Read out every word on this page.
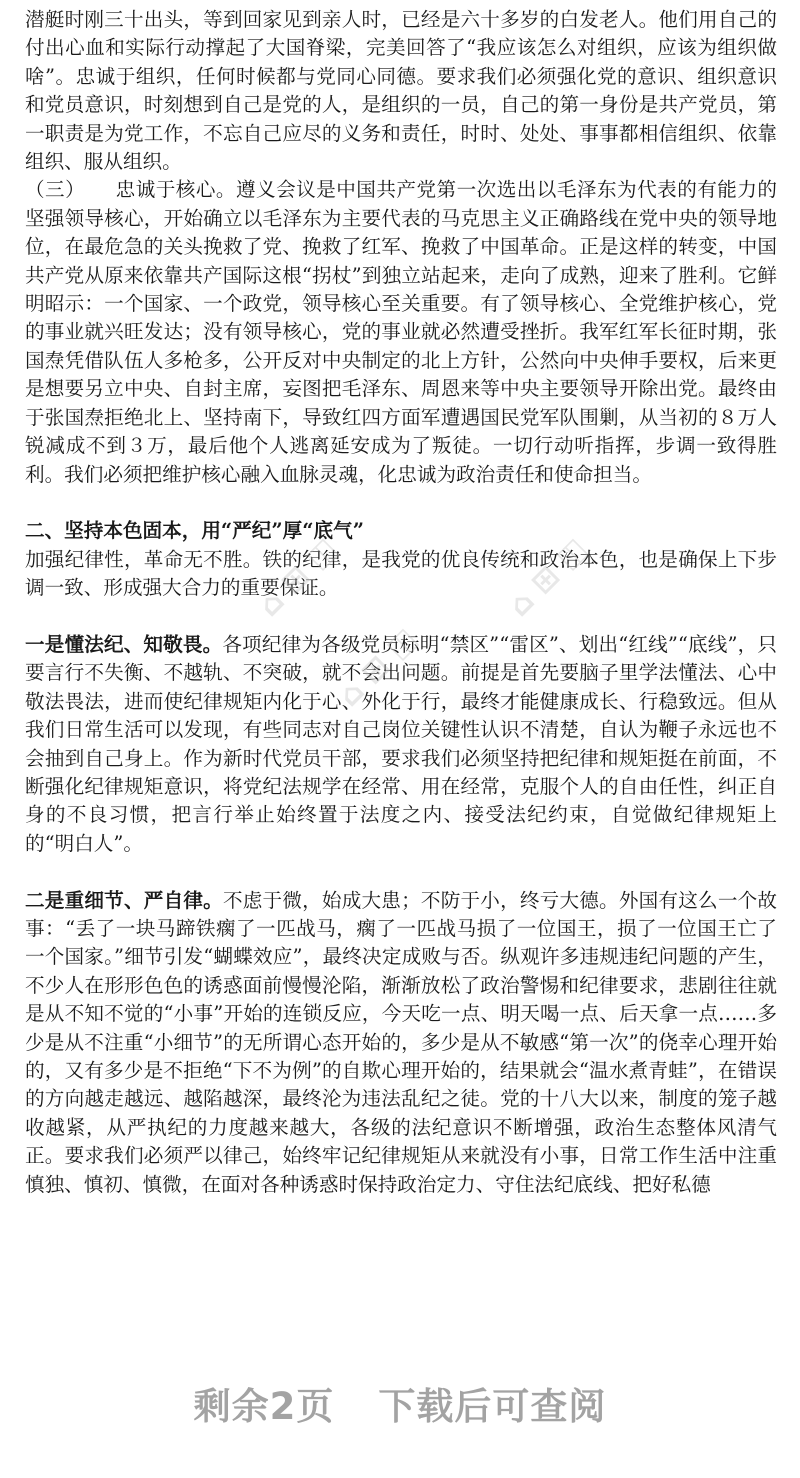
潜艇时刚三十出头，等到回家见到亲人时，已经是六十多岁的白发老人。他们用自己的付出心血和实际行动撑起了大国脊梁，完美回答了“我应该怎么对组织，应该为组织做啥”。忠诚于组织，任何时候都与党同心同德。要求我们必须强化党的意识、组织意识和党员意识，时刻想到自己是党的人，是组织的一员，自己的第一身份是共产党员，第一职责是为党工作，不忘自己应尽的义务和责任，时时、处处、事事都相信组织、依靠组织、服从组织。

（三） 忠诚于核心。遵义会议是中国共产党第一次选出以毛泽东为代表的有能力的坚强领导核心，开始确立以毛泽东为主要代表的马克思主义正确路线在党中央的领导地位，在最危急的关头挽救了党、挽救了红军、挽救了中国革命。正是这样的转变，中国共产党从原来依靠共产国际这根“拐杖”到独立站起来，走向了成熟，迎来了胜利。它鲜明昭示：一个国家、一个政党，领导核心至关重要。有了领导核心、全党维护核心，党的事业就兴旺发达；没有领导核心，党的事业就必然遭受挫折。我军红军长征时期，张国焘凭借队伍人多枪多，公开反对中央制定的北上方针，公然向中央伸手要权，后来更是想要另立中央、自封主席，妄图把毛泽东、周恩来等中央主要领导开除出党。最终由于张国焘拒绝北上、坚持南下，导致红四方面军遭遇国民党军队围剿，从当初的８万人锐减成不到３万，最后他个人逃离延安成为了叛徒。一切行动听指挥，步调一致得胜利。我们必须把维护核心融入血脉灵魂，化忠诚为政治责任和使命担当。

二、坚持本色固本，用“严纪”厚“底气”

加强纪律性，革命无不胜。铁的纪律，是我党的优良传统和政治本色，也是确保上下步调一致、形成强大合力的重要保证。

一是懂法纪、知敬畏。各项纪律为各级党员标明“禁区”“雷区”、划出“红线”“底线”，只要言行不失衡、不越轨、不突破，就不会出问题。前提是首先要脑子里学法懂法、心中敬法畏法，进而使纪律规矩内化于心、外化于行，最终才能健康成长、行稳致远。但从我们日常生活可以发现，有些同志对自己岗位关键性认识不清楚，自认为鞭子永远也不会抽到自己身上。作为新时代党员干部，要求我们必须坚持把纪律和规矩挺在前面，不断强化纪律规矩意识，将党纪法规学在经常、用在经常，克服个人的自由任性，纠正自身的不良习惯，把言行举止始终置于法度之内、接受法纪约束，自觉做纪律规矩上的“明白人”。

二是重细节、严自律。不虑于微，始成大患；不防于小，终亏大德。外国有这么一个故事：“丢了一块马蹄铁瘸了一匹战马，瘸了一匹战马损了一位国王，损了一位国王亡了一个国家。”细节引发“蝴蝶效应”，最终决定成败与否。纵观许多违规违纪问题的产生，不少人在形形色色的诱惑面前慢慢沦陷，渐渐放松了政治警惕和纪律要求，悲剧往往就是从不知不觉的“小事”开始的连锁反应，今天吃一点、明天喝一点、后天拿一点……多少是从不注重“小细节”的无所谓心态开始的，多少是从不敏感“第一次”的侥幸心理开始的，又有多少是不拒绝“下不为例”的自欺心理开始的，结果就会“温水煮青蛙”，在错误的方向越走越远、越陷越深，最终沦为违法乱纪之徒。党的十八大以来，制度的笼子越收越紧，从严执纪的力度越来越大，各级的法纪意识不断增强，政治生态整体风清气正。要求我们必须严以律己，始终牢记纪律规矩从来就没有小事，日常工作生活中注重慎独、慎初、慎微，在面对各种诱惑时保持政治定力、守住法纪底线、把好私德

⌂ ⊞ ◫	⌂ ⊞ ◫
⌂ ⊞ ◫
剩余2页 下载后可查阅
